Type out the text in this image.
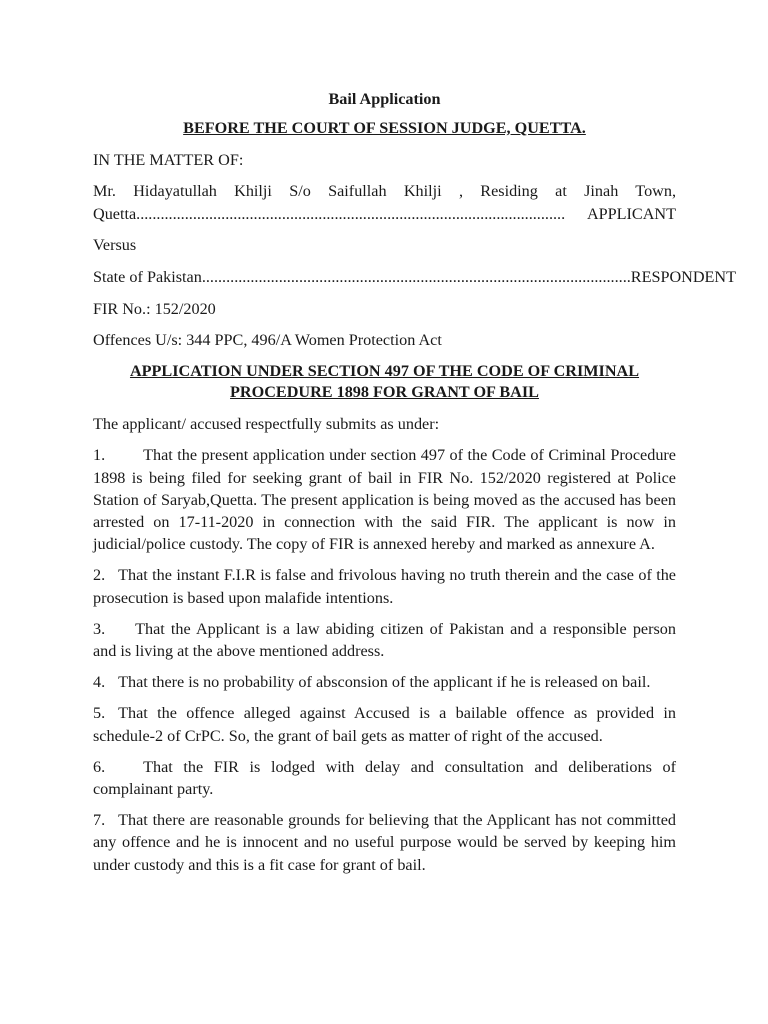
Bail Application

BEFORE THE COURT OF SESSION JUDGE, QUETTA.

IN THE MATTER OF:

Mr. Hidayatullah Khilji S/o Saifullah Khilji , Residing at Jinah Town,
Quetta ..........................................................................................................	APPLICANT

Versus

State of Pakistan .......................................................................................................... RESPONDENT

FIR No.: 152/2020

Offences U/s: 344 PPC, 496/A Women Protection Act

APPLICATION UNDER SECTION 497 OF THE CODE OF CRIMINAL
PROCEDURE 1898 FOR GRANT OF BAIL

The applicant/ accused respectfully submits as under:

1. That the present application under section 497 of the Code of Criminal Procedure 1898 is being filed for seeking grant of bail in FIR No. 152/2020 registered at Police Station of Saryab,Quetta. The present application is being moved as the accused has been arrested on 17-11-2020 in connection with the said FIR. The applicant is now in judicial/police custody. The copy of FIR is annexed hereby and marked as annexure A.

2. That the instant F.I.R is false and frivolous having no truth therein and the case of the prosecution is based upon malafide intentions.

3. That the Applicant is a law abiding citizen of Pakistan and a responsible person and is living at the above mentioned address.

4. That there is no probability of absconsion of the applicant if he is released on bail.

5. That the offence alleged against Accused is a bailable offence as provided in schedule-2 of CrPC. So, the grant of bail gets as matter of right of the accused.

6. That the FIR is lodged with delay and consultation and deliberations of complainant party.

7. That there are reasonable grounds for believing that the Applicant has not committed any offence and he is innocent and no useful purpose would be served by keeping him under custody and this is a fit case for grant of bail.
